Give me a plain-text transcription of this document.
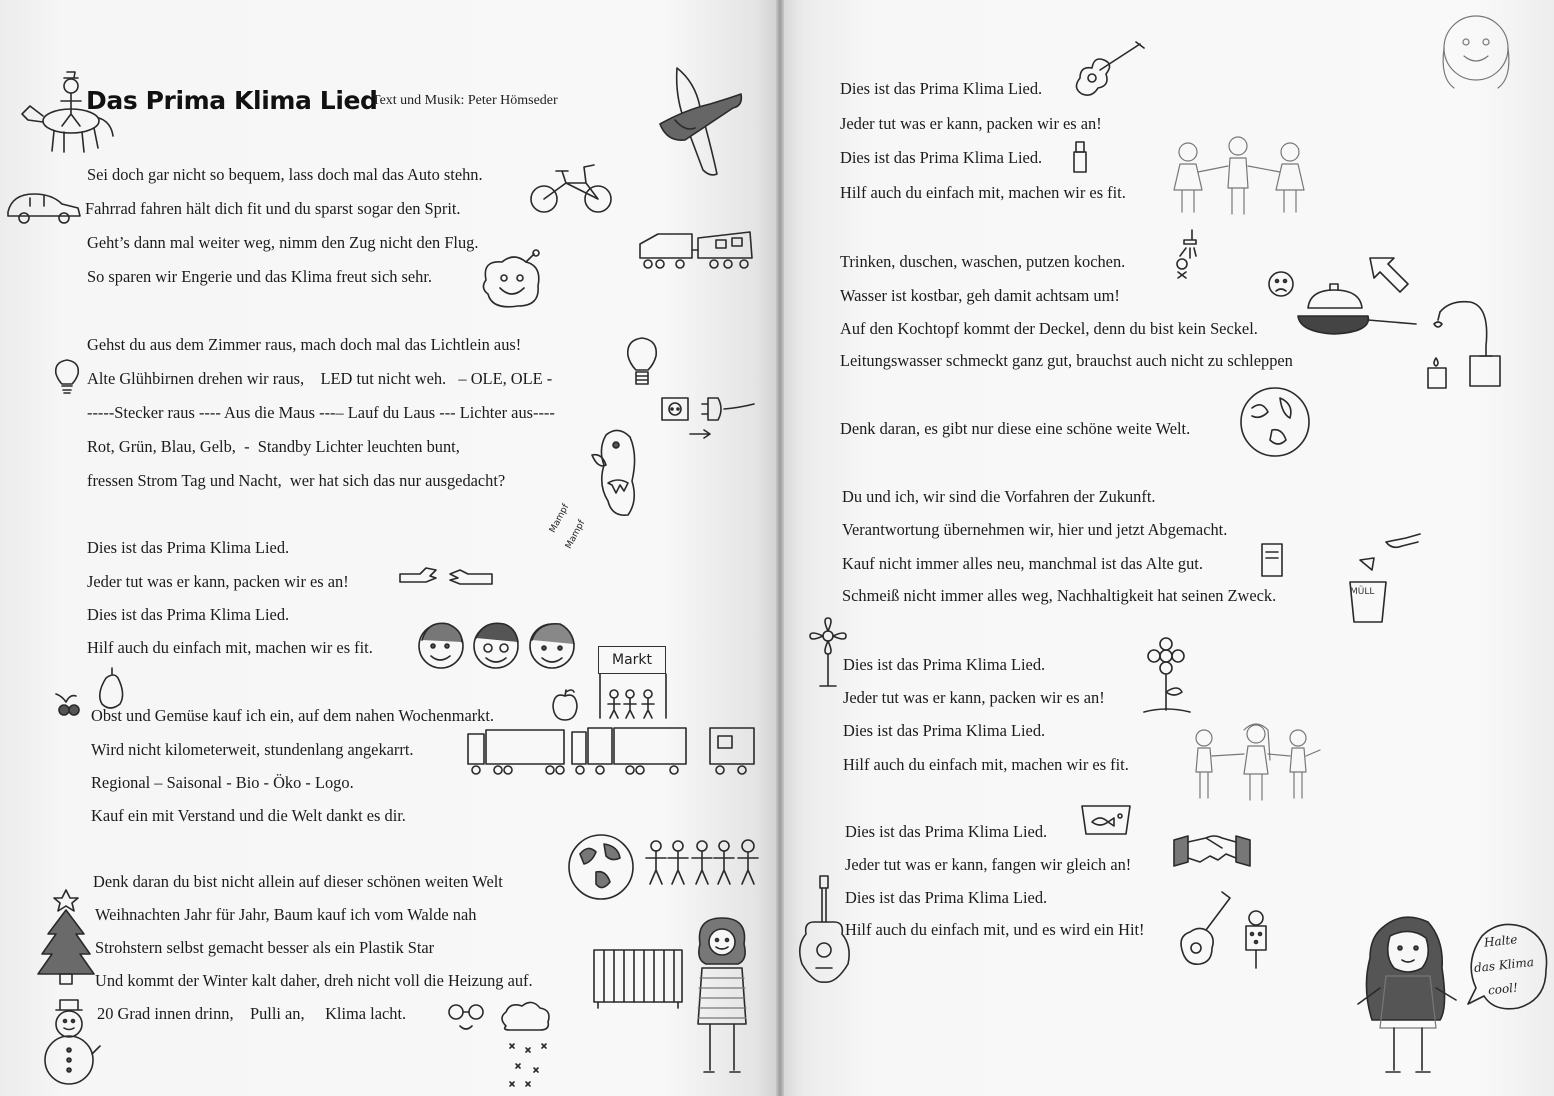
Das Prima Klima Lied
Text und Musik: Peter Hömseder
Sei doch gar nicht so bequem, lass doch mal das Auto stehn.
Fahrrad fahren hält dich fit und du sparst sogar den Sprit.
Geht’s dann mal weiter weg, nimm den Zug nicht den Flug.
So sparen wir Engerie und das Klima freut sich sehr.
Gehst du aus dem Zimmer raus, mach doch mal das Lichtlein aus!
Alte Glühbirnen drehen wir raus,    LED tut nicht weh.   – OLE, OLE -
-----Stecker raus ---- Aus die Maus ---– Lauf du Laus --- Lichter aus----
Rot, Grün, Blau, Gelb,  -  Standby Lichter leuchten bunt,
fressen Strom Tag und Nacht,  wer hat sich das nur ausgedacht?
Dies ist das Prima Klima Lied.
Jeder tut was er kann, packen wir es an!
Dies ist das Prima Klima Lied.
Hilf auch du einfach mit, machen wir es fit.
Obst und Gemüse kauf ich ein, auf dem nahen Wochenmarkt.
Wird nicht kilometerweit, stundenlang angekarrt.
Regional – Saisonal - Bio - Öko - Logo.
Kauf ein mit Verstand und die Welt dankt es dir.
Denk daran du bist nicht allein auf dieser schönen weiten Welt
Weihnachten Jahr für Jahr, Baum kauf ich vom Walde nah
Strohstern selbst gemacht besser als ein Plastik Star
Und kommt der Winter kalt daher, dreh nicht voll die Heizung auf.
20 Grad innen drinn,    Pulli an,     Klima lacht.
Dies ist das Prima Klima Lied.
Jeder tut was er kann, packen wir es an!
Dies ist das Prima Klima Lied.
Hilf auch du einfach mit, machen wir es fit.
Trinken, duschen, waschen, putzen kochen.
Wasser ist kostbar, geh damit achtsam um!
Auf den Kochtopf kommt der Deckel, denn du bist kein Seckel.
Leitungswasser schmeckt ganz gut, brauchst auch nicht zu schleppen
Denk daran, es gibt nur diese eine schöne weite Welt.
Du und ich, wir sind die Vorfahren der Zukunft.
Verantwortung übernehmen wir, hier und jetzt Abgemacht.
Kauf nicht immer alles neu, manchmal ist das Alte gut.
Schmeiß nicht immer alles weg, Nachhaltigkeit hat seinen Zweck.
Dies ist das Prima Klima Lied.
Jeder tut was er kann, packen wir es an!
Dies ist das Prima Klima Lied.
Hilf auch du einfach mit, machen wir es fit.
Dies ist das Prima Klima Lied.
Jeder tut was er kann, fangen wir gleich an!
Dies ist das Prima Klima Lied.
Hilf auch du einfach mit, und es wird ein Hit!
Mampf
Mampf
Markt
MÜLL
Halte
das Klima
cool!
